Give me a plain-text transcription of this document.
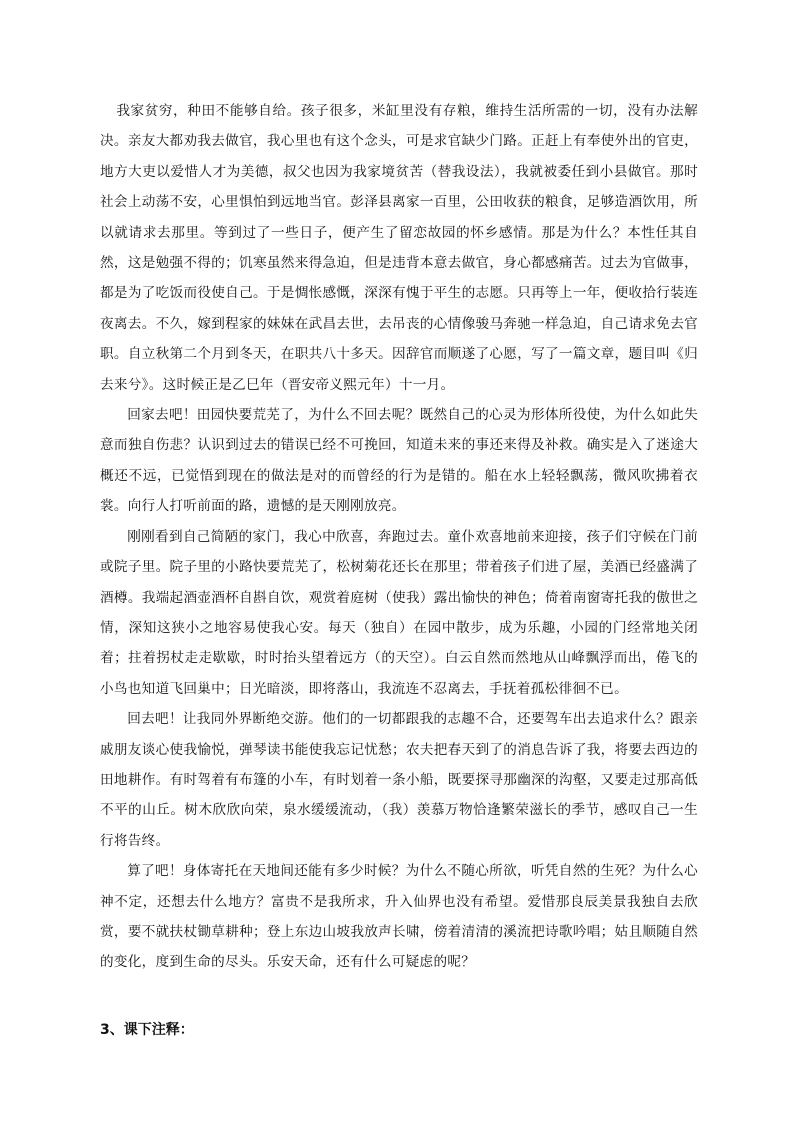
我家贫穷，种田不能够自给。孩子很多，米缸里没有存粮，维持生活所需的一切，没有办法解决。亲友大都劝我去做官，我心里也有这个念头，可是求官缺少门路。正赶上有奉使外出的官吏，地方大吏以爱惜人才为美德，叔父也因为我家境贫苦（替我设法），我就被委任到小县做官。那时社会上动荡不安，心里惧怕到远地当官。彭泽县离家一百里，公田收获的粮食，足够造酒饮用，所以就请求去那里。等到过了一些日子，便产生了留恋故园的怀乡感情。那是为什么？本性任其自然，这是勉强不得的；饥寒虽然来得急迫，但是违背本意去做官，身心都感痛苦。过去为官做事，都是为了吃饭而役使自己。于是惆怅感慨，深深有愧于平生的志愿。只再等上一年，便收拾行装连夜离去。不久，嫁到程家的妹妹在武昌去世，去吊丧的心情像骏马奔驰一样急迫，自己请求免去官职。自立秋第二个月到冬天，在职共八十多天。因辞官而顺遂了心愿，写了一篇文章，题目叫《归去来兮》。这时候正是乙巳年（晋安帝义熙元年）十一月。

回家去吧！田园快要荒芜了，为什么不回去呢？既然自己的心灵为形体所役使，为什么如此失意而独自伤悲？认识到过去的错误已经不可挽回，知道未来的事还来得及补救。确实是入了迷途大概还不远，已觉悟到现在的做法是对的而曾经的行为是错的。船在水上轻轻飘荡，微风吹拂着衣裳。向行人打听前面的路，遗憾的是天刚刚放亮。

刚刚看到自己简陋的家门，我心中欣喜，奔跑过去。童仆欢喜地前来迎接，孩子们守候在门前或院子里。院子里的小路快要荒芜了，松树菊花还长在那里；带着孩子们进了屋，美酒已经盛满了酒樽。我端起酒壶酒杯自斟自饮，观赏着庭树（使我）露出愉快的神色；倚着南窗寄托我的傲世之情，深知这狭小之地容易使我心安。每天（独自）在园中散步，成为乐趣，小园的门经常地关闭着；拄着拐杖走走歇歇，时时抬头望着远方（的天空）。白云自然而然地从山峰飘浮而出，倦飞的小鸟也知道飞回巢中；日光暗淡，即将落山，我流连不忍离去，手抚着孤松徘徊不已。

回去吧！让我同外界断绝交游。他们的一切都跟我的志趣不合，还要驾车出去追求什么？跟亲戚朋友谈心使我愉悦，弹琴读书能使我忘记忧愁；农夫把春天到了的消息告诉了我，将要去西边的田地耕作。有时驾着有布篷的小车，有时划着一条小船，既要探寻那幽深的沟壑，又要走过那高低不平的山丘。树木欣欣向荣，泉水缓缓流动，（我）羡慕万物恰逢繁荣滋长的季节，感叹自己一生行将告终。

算了吧！身体寄托在天地间还能有多少时候？为什么不随心所欲，听凭自然的生死？为什么心神不定，还想去什么地方？富贵不是我所求，升入仙界也没有希望。爱惜那良辰美景我独自去欣赏，要不就扶杖锄草耕种；登上东边山坡我放声长啸，傍着清清的溪流把诗歌吟唱；姑且顺随自然的变化，度到生命的尽头。乐安天命，还有什么可疑虑的呢？

3、课下注释：
